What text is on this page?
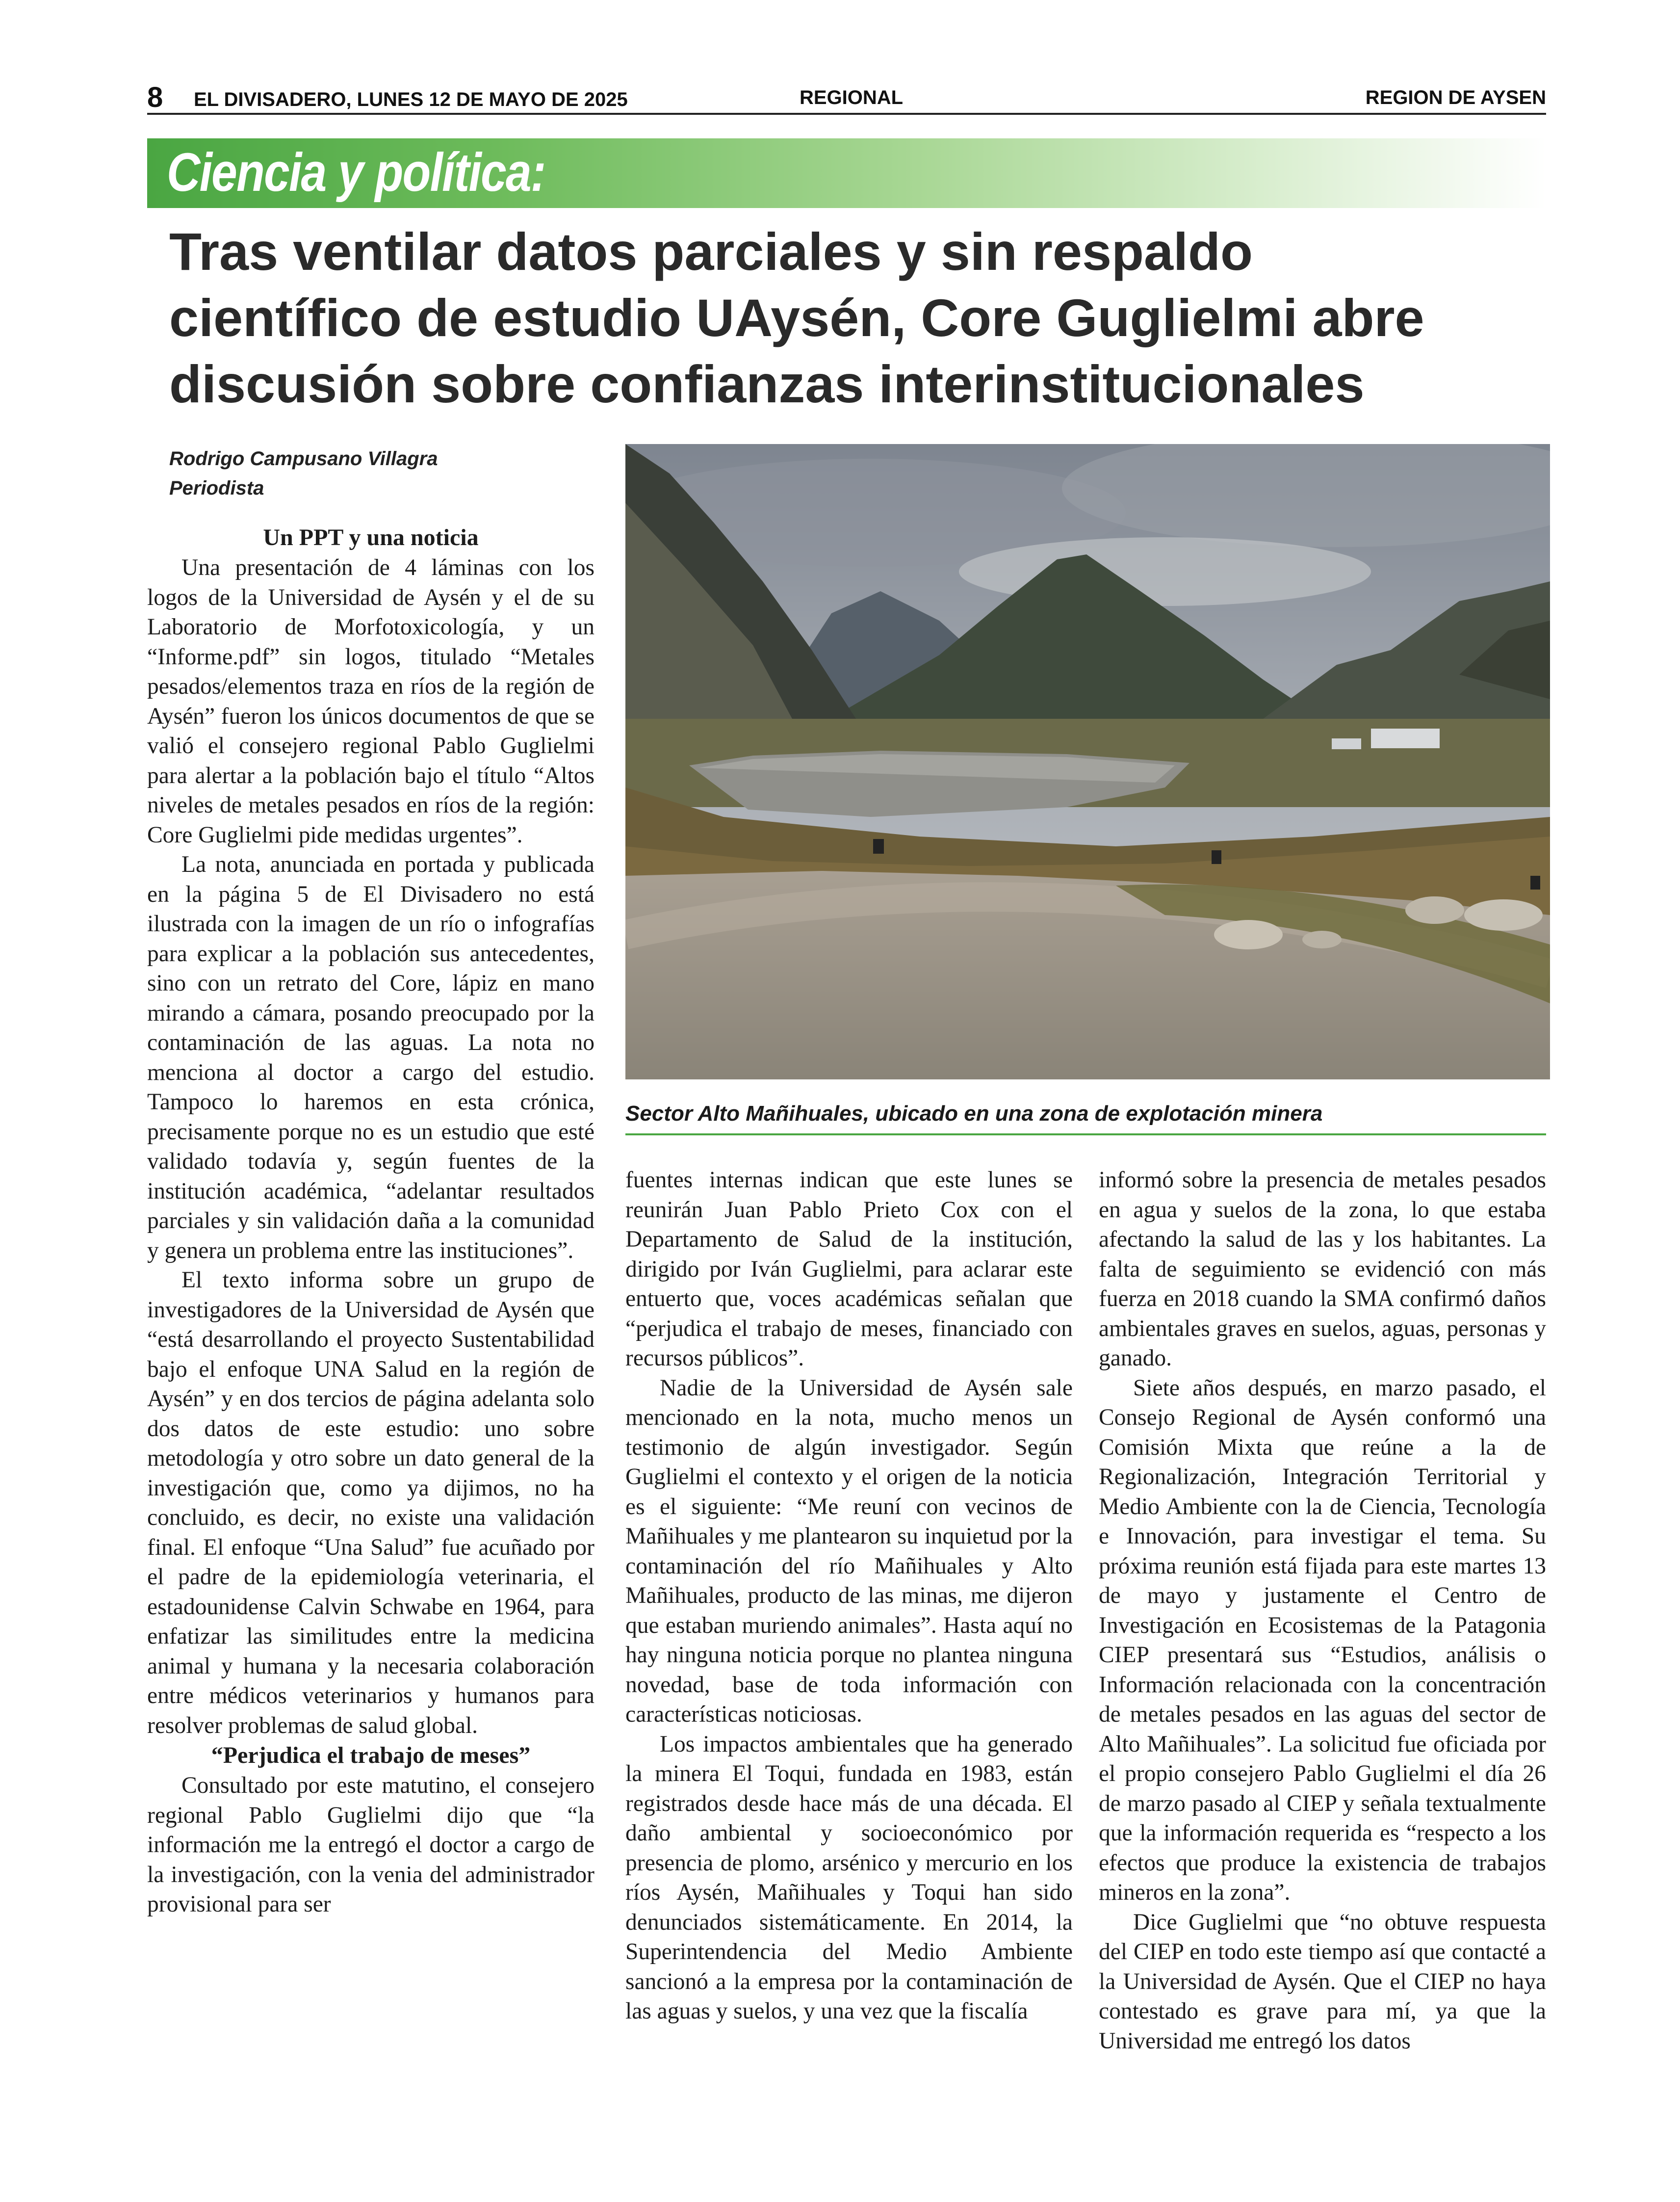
8 EL DIVISADERO, LUNES 12 DE MAYO DE 2025	REGIONAL	REGION DE AYSEN
Ciencia y política:
Tras ventilar datos parciales y sin respaldo
científico de estudio UAysén, Core Guglielmi abre
discusión sobre confianzas interinstitucionales
Rodrigo Campusano Villagra
Periodista
Un PPT y una noticia

Una presentación de 4 láminas con los logos de la Universidad de Aysén y el de su Laboratorio de Morfotoxicología, y un “Informe.pdf” sin logos, titulado “Metales pesados/elementos traza en ríos de la región de Aysén” fueron los únicos documentos de que se valió el consejero regional Pablo Guglielmi para alertar a la población bajo el título “Altos niveles de metales pesados en ríos de la región: Core Guglielmi pide medidas urgentes”.

La nota, anunciada en portada y publicada en la página 5 de El Divisadero no está ilustrada con la imagen de un río o infografías para explicar a la población sus antecedentes, sino con un retrato del Core, lápiz en mano mirando a cámara, posando preocupado por la contaminación de las aguas. La nota no menciona al doctor a cargo del estudio. Tampoco lo haremos en esta crónica, precisamente porque no es un estudio que esté validado todavía y, según fuentes de la institución académica, “adelantar resultados parciales y sin validación daña a la comunidad y genera un problema entre las instituciones”.

El texto informa sobre un grupo de investigadores de la Universidad de Aysén que “está desarrollando el proyecto Sustentabilidad bajo el enfoque UNA Salud en la región de Aysén” y en dos tercios de página adelanta solo dos datos de este estudio: uno sobre metodología y otro sobre un dato general de la investigación que, como ya dijimos, no ha concluido, es decir, no existe una validación final. El enfoque “Una Salud” fue acuñado por el padre de la epidemiología veterinaria, el estadounidense Calvin Schwabe en 1964, para enfatizar las similitudes entre la medicina animal y humana y la necesaria colaboración entre médicos veterinarios y humanos para resolver problemas de salud global.

“Perjudica el trabajo de meses”

Consultado por este matutino, el consejero regional Pablo Guglielmi dijo que “la información me la entregó el doctor a cargo de la investigación, con la venia del administrador provisional para ser

Sector Alto Mañihuales, ubicado en una zona de explotación minera

fuentes internas indican que este lunes se reunirán Juan Pablo Prieto Cox con el Departamento de Salud de la institución, dirigido por Iván Guglielmi, para aclarar este entuerto que, voces académicas señalan que “perjudica el trabajo de meses, financiado con recursos públicos”.

Nadie de la Universidad de Aysén sale mencionado en la nota, mucho menos un testimonio de algún investigador. Según Guglielmi el contexto y el origen de la noticia es el siguiente: “Me reuní con vecinos de Mañihuales y me plantearon su inquietud por la contaminación del río Mañihuales y Alto Mañihuales, producto de las minas, me dijeron que estaban muriendo animales”. Hasta aquí no hay ninguna noticia porque no plantea ninguna novedad, base de toda información con características noticiosas.

Los impactos ambientales que ha generado la minera El Toqui, fundada en 1983, están registrados desde hace más de una década. El daño ambiental y socioeconómico por presencia de plomo, arsénico y mercurio en los ríos Aysén, Mañihuales y Toqui han sido denunciados sistemáticamente. En 2014, la Superintendencia del Medio Ambiente sancionó a la empresa por la contaminación de las aguas y suelos, y una vez que la fiscalía

informó sobre la presencia de metales pesados en agua y suelos de la zona, lo que estaba afectando la salud de las y los habitantes. La falta de seguimiento se evidenció con más fuerza en 2018 cuando la SMA confirmó daños ambientales graves en suelos, aguas, personas y ganado.

Siete años después, en marzo pasado, el Consejo Regional de Aysén conformó una Comisión Mixta que reúne a la de Regionalización, Integración Territorial y Medio Ambiente con la de Ciencia, Tecnología e Innovación, para investigar el tema. Su próxima reunión está fijada para este martes 13 de mayo y justamente el Centro de Investigación en Ecosistemas de la Patagonia CIEP presentará sus “Estudios, análisis o Información relacionada con la concentración de metales pesados en las aguas del sector de Alto Mañihuales”. La solicitud fue oficiada por el propio consejero Pablo Guglielmi el día 26 de marzo pasado al CIEP y señala textualmente que la información requerida es “respecto a los efectos que produce la existencia de trabajos mineros en la zona”.

Dice Guglielmi que “no obtuve respuesta del CIEP en todo este tiempo así que contacté a la Universidad de Aysén. Que el CIEP no haya contestado es grave para mí, ya que la Universidad me entregó los datos
